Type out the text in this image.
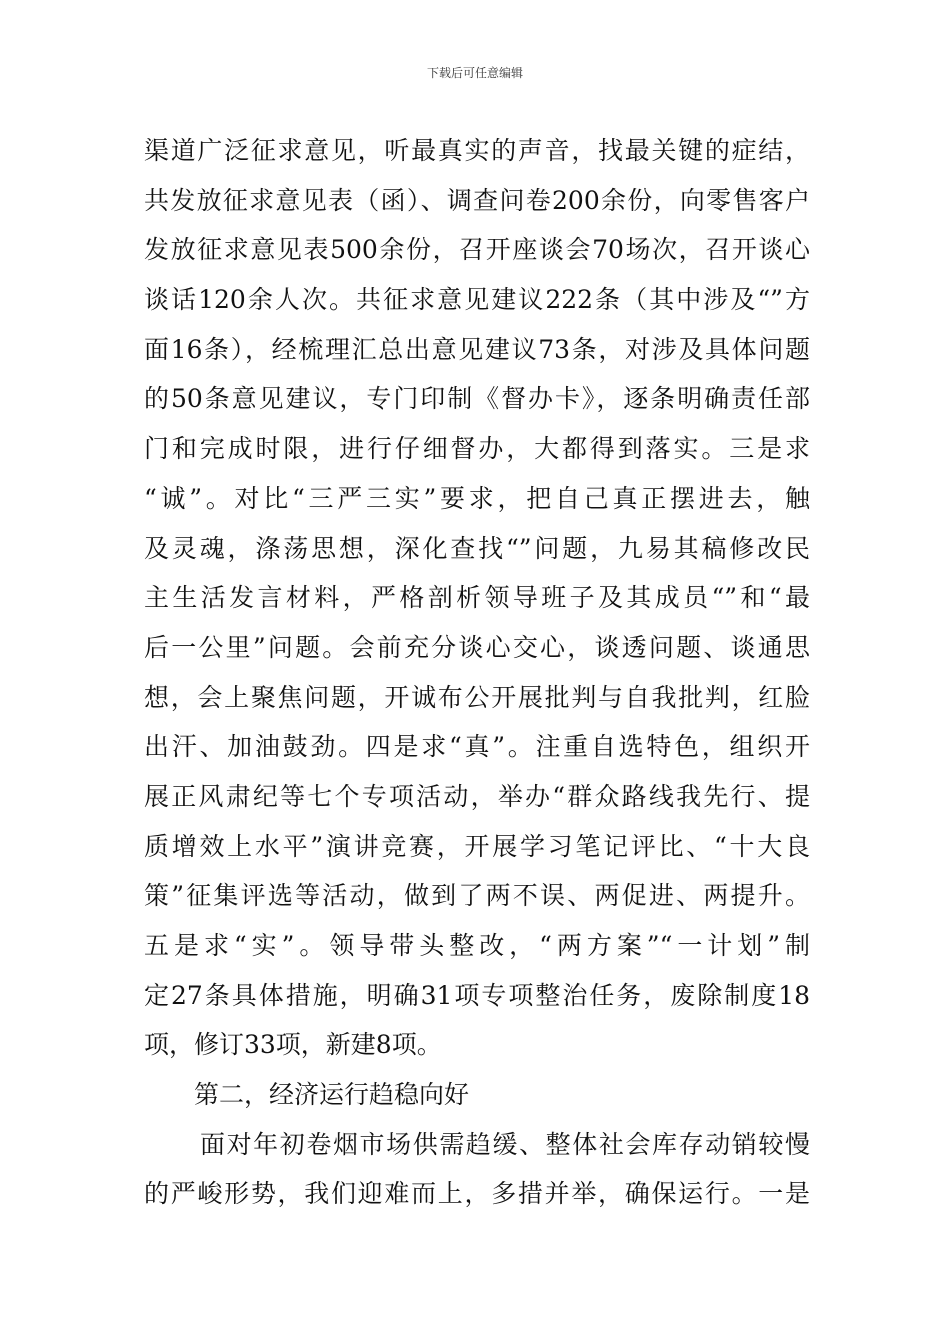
下载后可任意编辑
渠道广泛征求意见，听最真实的声音，找最关键的症结，
共发放征求意见表（函）、调查问卷200余份，向零售客户
发放征求意见表500余份，召开座谈会70场次，召开谈心
谈话120余人次。共征求意见建议222条（其中涉及“”方
面16条），经梳理汇总出意见建议73条，对涉及具体问题
的50条意见建议，专门印制《督办卡》，逐条明确责任部
门和完成时限，进行仔细督办，大都得到落实。三是求
“诚”。对比“三严三实”要求，把自己真正摆进去，触
及灵魂，涤荡思想，深化查找“”问题，九易其稿修改民
主生活发言材料，严格剖析领导班子及其成员“”和“最
后一公里”问题。会前充分谈心交心，谈透问题、谈通思
想，会上聚焦问题，开诚布公开展批判与自我批判，红脸
出汗、加油鼓劲。四是求“真”。注重自选特色，组织开
展正风肃纪等七个专项活动，举办“群众路线我先行、提
质增效上水平”演讲竞赛，开展学习笔记评比、“十大良
策”征集评选等活动，做到了两不误、两促进、两提升。
五是求“实”。领导带头整改，“两方案”“一计划”制
定27条具体措施，明确31项专项整治任务，废除制度18
项，修订33项，新建8项。
第二，经济运行趋稳向好
面对年初卷烟市场供需趋缓、整体社会库存动销较慢
的严峻形势，我们迎难而上，多措并举，确保运行。一是
